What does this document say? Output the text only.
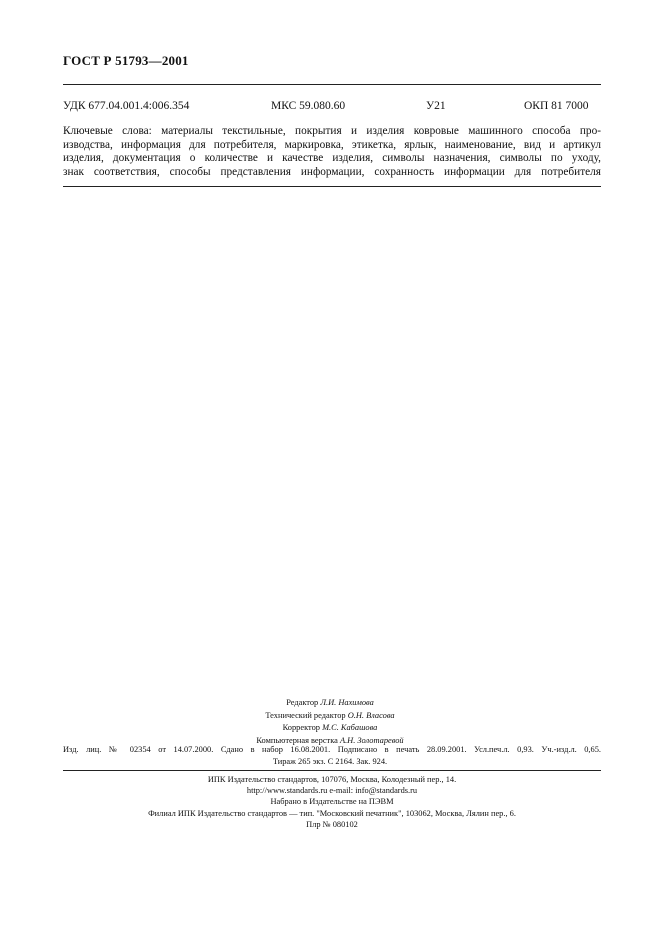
ГОСТ Р 51793—2001
УДК 677.04.001.4:006.354	МКС 59.080.60	У21	ОКП 81 7000
Ключевые слова: материалы текстильные, покрытия и изделия ковровые машинного способа про-
изводства, информация для потребителя, маркировка, этикетка, ярлык, наименование, вид и артикул
изделия, документация о количестве и качестве изделия, символы назначения, символы по уходу,
знак соответствия, способы представления информации, сохранность информации для потребителя
Редактор Л.И. Нахимова
Технический редактор О.Н. Власова
Корректор М.С. Кабашова
Компьютерная верстка А.Н. Золотаревой
Изд. лиц. № 02354 от 14.07.2000. Сдано в набор 16.08.2001. Подписано в печать 28.09.2001. Усл.печ.л. 0,93. Уч.-изд.л. 0,65.
Тираж 265 экз. С 2164. Зак. 924.
ИПК Издательство стандартов, 107076, Москва, Колодезный пер., 14.
http://www.standards.ru e-mail: info@standards.ru
Набрано в Издательстве на ПЭВМ
Филиал ИПК Издательство стандартов — тип. "Московский печатник", 103062, Москва, Лялин пер., 6.
Плр № 080102
